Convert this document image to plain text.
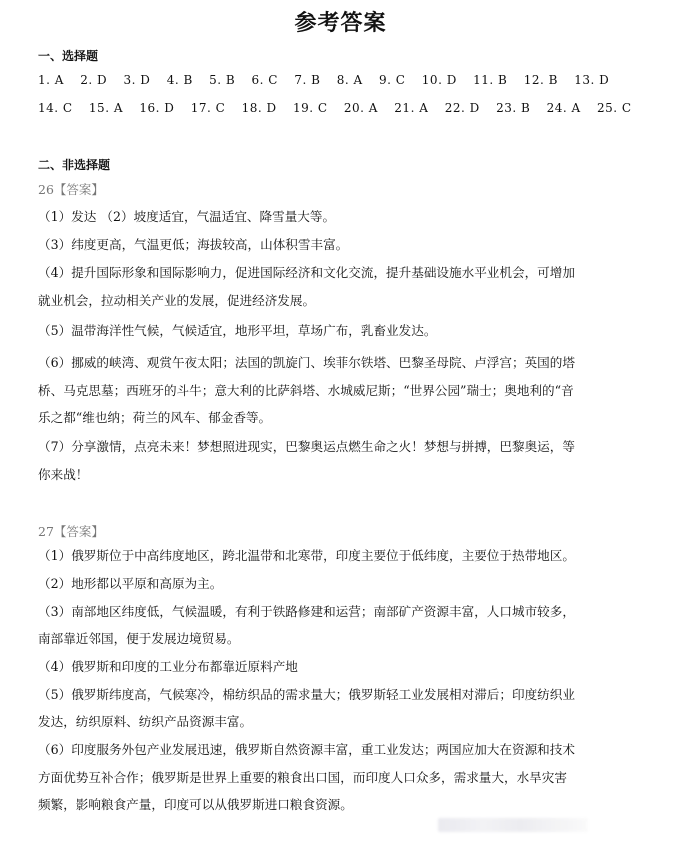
参考答案
一、选择题
1. A 2. D 3. D 4. B 5. B 6. C 7. B 8. A 9. C 10. D 11. B 12. B 13. D
14. C 15. A 16. D 17. C 18. D 19. C 20. A 21. A 22. D 23. B 24. A 25. C
二、非选择题
26【答案】
（1）发达 （2）坡度适宜，气温适宜、降雪量大等。
（3）纬度更高，气温更低；海拔较高，山体积雪丰富。
（4）提升国际形象和国际影响力，促进国际经济和文化交流，提升基础设施水平业机会，可增加
就业机会，拉动相关产业的发展，促进经济发展。
（5）温带海洋性气候，气候适宜，地形平坦，草场广布，乳畜业发达。
（6）挪威的峡湾、观赏午夜太阳；法国的凯旋门、埃菲尔铁塔、巴黎圣母院、卢浮宫；英国的塔
桥、马克思墓；西班牙的斗牛；意大利的比萨斜塔、水城威尼斯；“世界公园”瑞士；奥地利的“音
乐之都“维也纳；荷兰的风车、郁金香等。
（7）分享激情，点亮未来！梦想照进现实，巴黎奥运点燃生命之火！梦想与拼搏，巴黎奥运，等
你来战！
27【答案】
（1）俄罗斯位于中高纬度地区，跨北温带和北寒带，印度主要位于低纬度，主要位于热带地区。
（2）地形都以平原和高原为主。
（3）南部地区纬度低，气候温暖，有利于铁路修建和运营；南部矿产资源丰富，人口城市较多，
南部靠近邻国，便于发展边境贸易。
（4）俄罗斯和印度的工业分布都靠近原料产地
（5）俄罗斯纬度高，气候寒冷，棉纺织品的需求量大；俄罗斯轻工业发展相对滞后；印度纺织业
发达，纺织原料、纺织产品资源丰富。
（6）印度服务外包产业发展迅速，俄罗斯自然资源丰富，重工业发达；两国应加大在资源和技术
方面优势互补合作；俄罗斯是世界上重要的粮食出口国，而印度人口众多，需求量大，水旱灾害
频繁，影响粮食产量，印度可以从俄罗斯进口粮食资源。
